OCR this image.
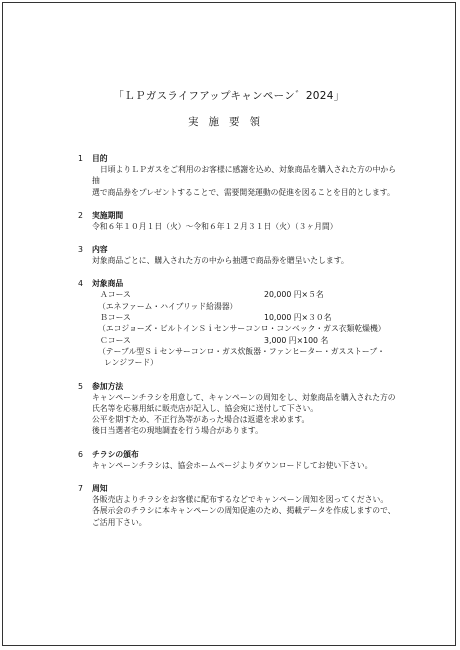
「ＬＰガスライフアップキャンペーン゛2024」
実施要領
1	目的
日頃よりＬＰガスをご利用のお客様に感謝を込め、対象商品を購入された方の中から抽
選で商品券をプレゼントすることで、需要開発運動の促進を図ることを目的とします。
2	実施期間
令和６年１０月１日（火）～令和６年１２月３１日（火）（３ヶ月間）
3	内容
対象商品ごとに、購入された方の中から抽選で商品券を贈呈いたします。
4	対象商品
Ａコース	20,000 円×５名
（エネファーム・ハイブリッド給湯器）
Ｂコース	10,000 円×３０名
（エコジョーズ・ビルトインＳｉセンサーコンロ・コンベック・ガス衣類乾燥機）
Ｃコース	3,000 円×100 名
（テーブル型Ｓｉセンサーコンロ・ガス炊飯器・ファンヒーター・ガスストーブ・
レンジフード）
5	参加方法
キャンペーンチラシを用意して、キャンペーンの周知をし、対象商品を購入された方の
氏名等を応募用紙に販売店が記入し、協会宛に送付して下さい。
公平を期すため、不正行為等があった場合は返還を求めます。
後日当選者宅の現地調査を行う場合があります。
6	チラシの頒布
キャンペーンチラシは、協会ホームページよりダウンロードしてお使い下さい。
7	周知
各販売店よりチラシをお客様に配布するなどでキャンペーン周知を図ってください。
各展示会のチラシに本キャンペーンの周知促進のため、掲載データを作成しますので、
ご活用下さい。
